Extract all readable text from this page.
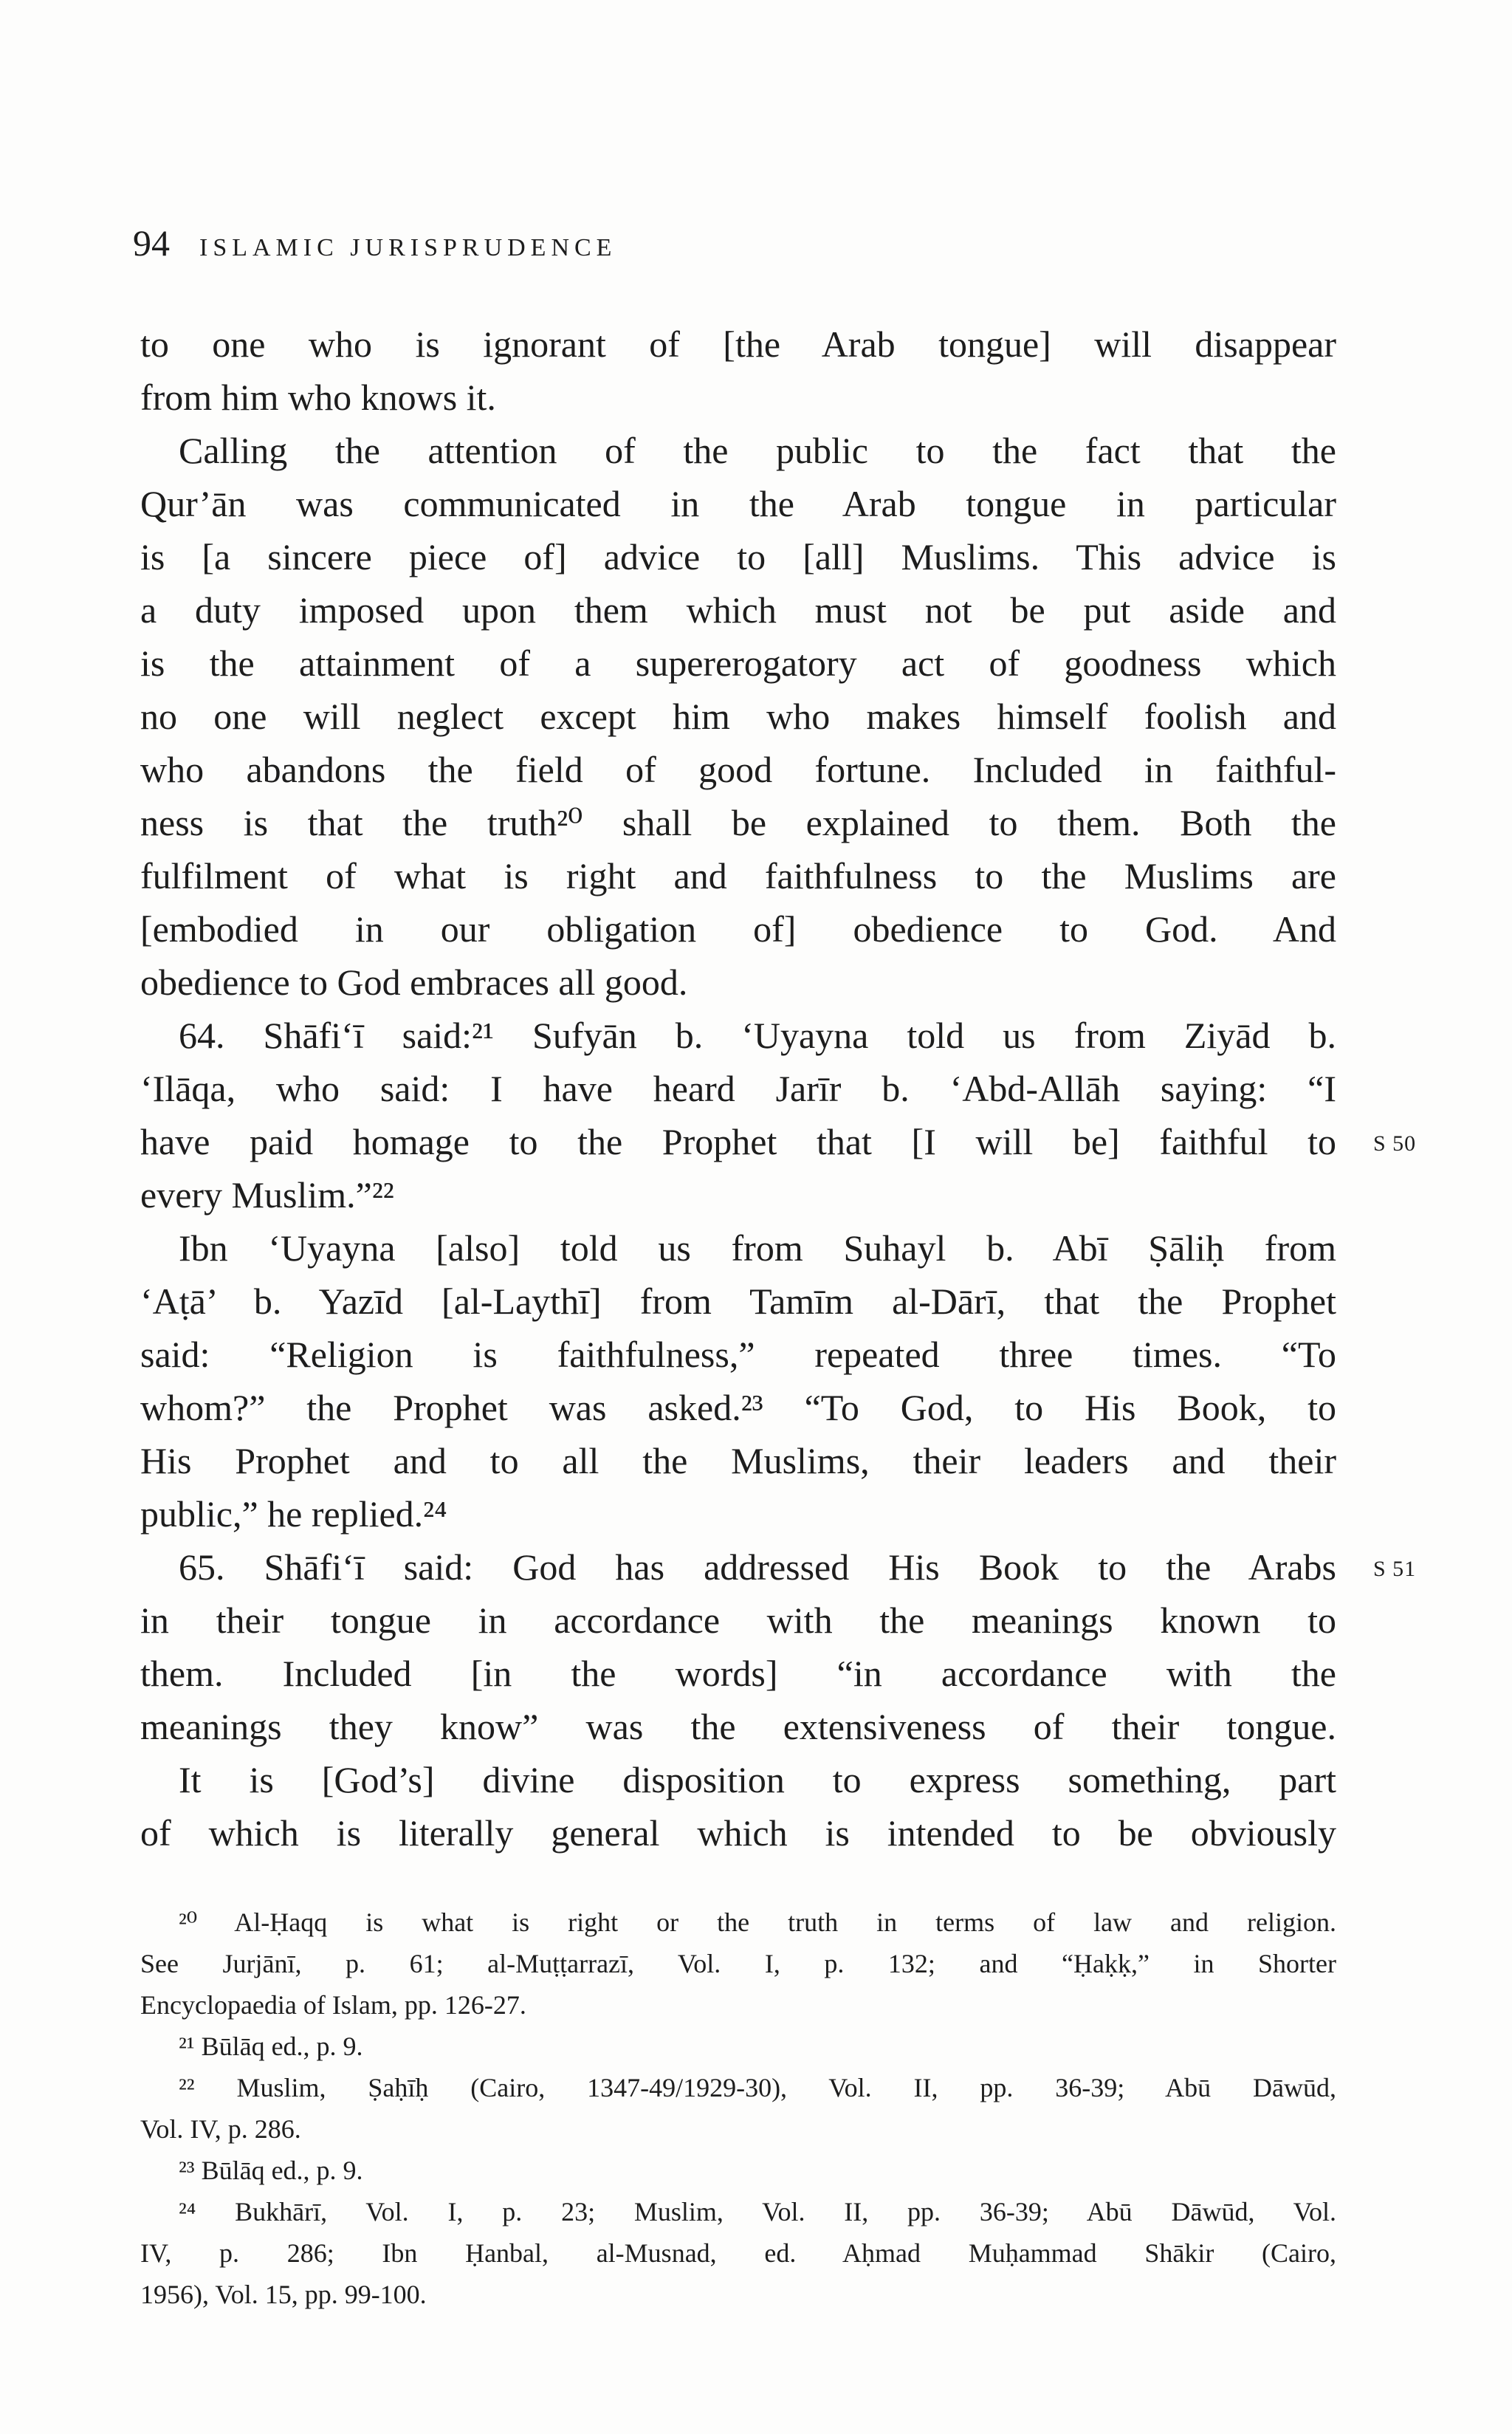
94 ISLAMIC JURISPRUDENCE
to one who is ignorant of [the Arab tongue] will disappear
from him who knows it.
Calling the attention of the public to the fact that the
Qur’ān was communicated in the Arab tongue in particular
is [a sincere piece of] advice to [all] Muslims. This advice is
a duty imposed upon them which must not be put aside and
is the attainment of a supererogatory act of goodness which
no one will neglect except him who makes himself foolish and
who abandons the field of good fortune. Included in faithful-
ness is that the truth²⁰ shall be explained to them. Both the
fulfilment of what is right and faithfulness to the Muslims are
[embodied in our obligation of] obedience to God. And
obedience to God embraces all good.
64. Shāfi‘ī said:²¹ Sufyān b. ‘Uyayna told us from Ziyād b.
‘Ilāqa, who said: I have heard Jarīr b. ‘Abd-Allāh saying: “I
have paid homage to the Prophet that [I will be] faithful to
every Muslim.”²²
Ibn ‘Uyayna [also] told us from Suhayl b. Abī Ṣāliḥ from
‘Aṭā’ b. Yazīd [al-Laythī] from Tamīm al-Dārī, that the Prophet
said: “Religion is faithfulness,” repeated three times. “To
whom?” the Prophet was asked.²³ “To God, to His Book, to
His Prophet and to all the Muslims, their leaders and their
public,” he replied.²⁴
65. Shāfi‘ī said: God has addressed His Book to the Arabs
in their tongue in accordance with the meanings known to
them. Included [in the words] “in accordance with the
meanings they know” was the extensiveness of their tongue.
It is [God’s] divine disposition to express something, part
of which is literally general which is intended to be obviously
S 50
S 51
²⁰ Al-Ḥaqq is what is right or the truth in terms of law and religion.
See Jurjānī, p. 61; al-Muṭṭarrazī, Vol. I, p. 132; and “Ḥaḳḳ,” in Shorter
Encyclopaedia of Islam, pp. 126-27.
²¹ Būlāq ed., p. 9.
²² Muslim, Ṣaḥīḥ (Cairo, 1347-49/1929-30), Vol. II, pp. 36-39; Abū Dāwūd,
Vol. IV, p. 286.
²³ Būlāq ed., p. 9.
²⁴ Bukhārī, Vol. I, p. 23; Muslim, Vol. II, pp. 36-39; Abū Dāwūd, Vol.
IV, p. 286; Ibn Ḥanbal, al-Musnad, ed. Aḥmad Muḥammad Shākir (Cairo,
1956), Vol. 15, pp. 99-100.
